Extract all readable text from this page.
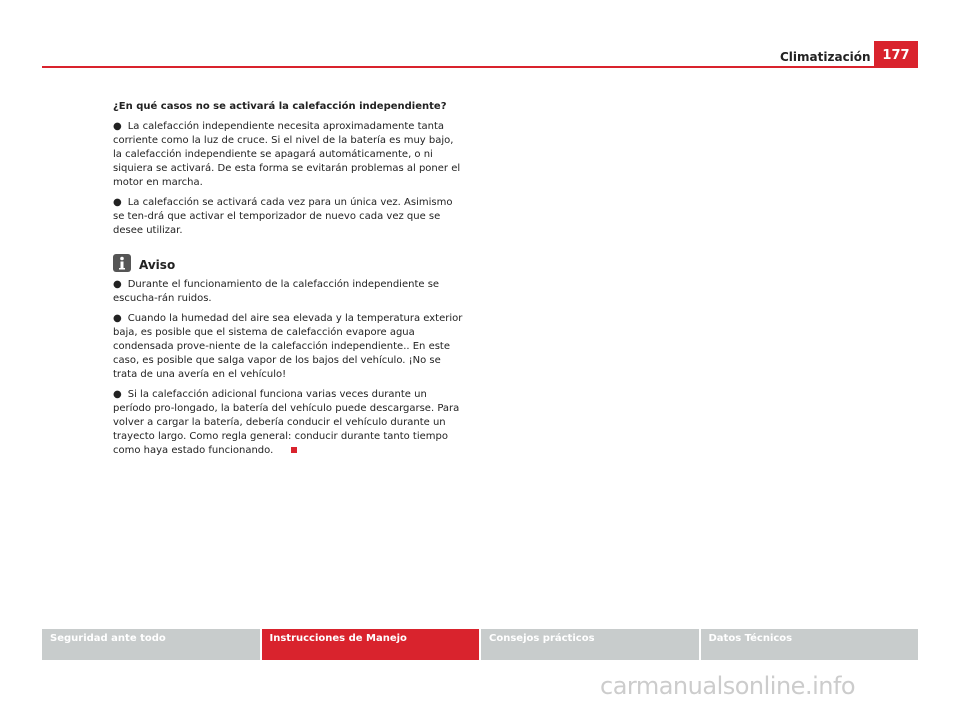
Climatización 177

¿En qué casos no se activará la calefacción independiente?

● La calefacción independiente necesita aproximadamente tanta corriente como la luz de cruce. Si el nivel de la batería es muy bajo, la calefacción independiente se apagará automáticamente, o ni siquiera se activará. De esta forma se evitarán problemas al poner el motor en marcha.

● La calefacción se activará cada vez para un única vez. Asimismo se ten-drá que activar el temporizador de nuevo cada vez que se desee utilizar.

Aviso

● Durante el funcionamiento de la calefacción independiente se escucha-rán ruidos.

● Cuando la humedad del aire sea elevada y la temperatura exterior baja, es posible que el sistema de calefacción evapore agua condensada prove-niente de la calefacción independiente.. En este caso, es posible que salga vapor de los bajos del vehículo. ¡No se trata de una avería en el vehículo!

● Si la calefacción adicional funciona varias veces durante un período pro-longado, la batería del vehículo puede descargarse. Para volver a cargar la batería, debería conducir el vehículo durante un trayecto largo. Como regla general: conducir durante tanto tiempo como haya estado funcionando.

Seguridad ante todo	Instrucciones de Manejo	Consejos prácticos	Datos Técnicos
carmanualsonline.info
